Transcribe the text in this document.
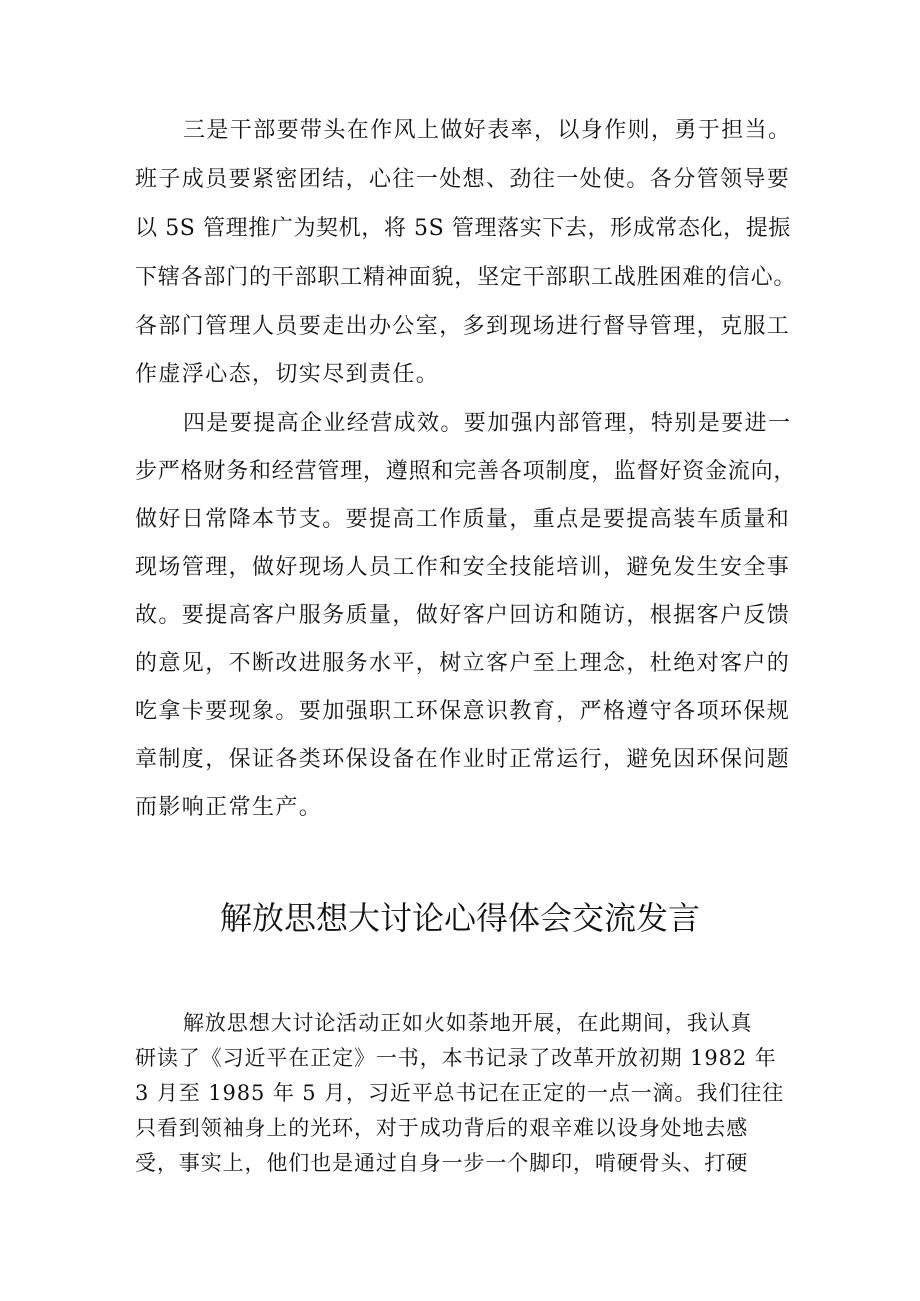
三是干部要带头在作风上做好表率，以身作则，勇于担当。
班子成员要紧密团结，心往一处想、劲往一处使。各分管领导要
以 5S 管理推广为契机，将 5S 管理落实下去，形成常态化，提振
下辖各部门的干部职工精神面貌，坚定干部职工战胜困难的信心。
各部门管理人员要走出办公室，多到现场进行督导管理，克服工
作虚浮心态，切实尽到责任。
四是要提高企业经营成效。要加强内部管理，特别是要进一
步严格财务和经营管理，遵照和完善各项制度，监督好资金流向，
做好日常降本节支。要提高工作质量，重点是要提高装车质量和
现场管理，做好现场人员工作和安全技能培训，避免发生安全事
故。要提高客户服务质量，做好客户回访和随访，根据客户反馈
的意见，不断改进服务水平，树立客户至上理念，杜绝对客户的
吃拿卡要现象。要加强职工环保意识教育，严格遵守各项环保规
章制度，保证各类环保设备在作业时正常运行，避免因环保问题
而影响正常生产。
解放思想大讨论心得体会交流发言
解放思想大讨论活动正如火如荼地开展，在此期间，我认真
研读了《习近平在正定》一书，本书记录了改革开放初期 1982 年
3 月至 1985 年 5 月，习近平总书记在正定的一点一滴。我们往往
只看到领袖身上的光环，对于成功背后的艰辛难以设身处地去感
受，事实上，他们也是通过自身一步一个脚印，啃硬骨头、打硬
